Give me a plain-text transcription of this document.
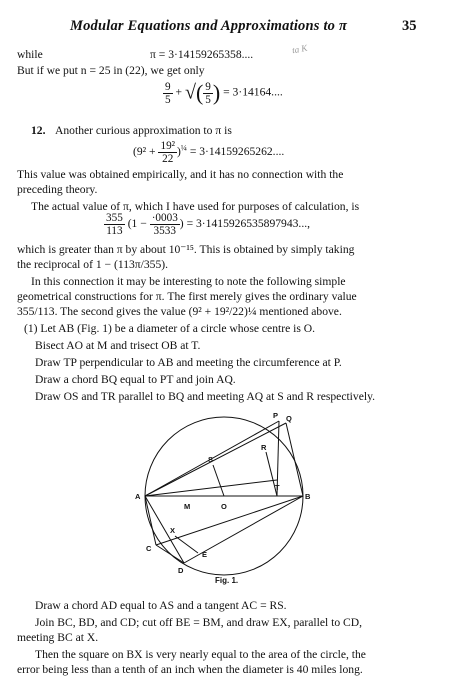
Modular Equations and Approximations to π	35
ta K
while	π = 3·14159265358....
But if we put n = 25 in (22), we get only
$\frac{9}{5}$ + √( $\frac{9}{5}$ ) = 3·14164....
12. Another curious approximation to π is
$(9^2 + \frac{\text{19²}}{22} )^{\frac{1}{4}} = 3\cdot 14159265262$....
This value was obtained empirically, and it has no connection with the
preceding theory.
The actual value of π, which I have used for purposes of calculation, is
$\frac{355}{113} (1 - \frac{\cdot 0003}{3533}$ ) = 3·1415926535897943...,
which is greater than π by about 10⁻¹⁵. This is obtained by simply taking
the reciprocal of 1 − (113π/355).
In this connection it may be interesting to note the following simple
geometrical constructions for π. The first merely gives the ordinary value
355/113. The second gives the value (9² + 19²/22)¼ mentioned above.
(1) Let AB (Fig. 1) be a diameter of a circle whose centre is O.
Bisect AO at M and trisect OB at T.
Draw TP perpendicular to AB and meeting the circumference at P.
Draw a chord BQ equal to PT and join AQ.
Draw OS and TR parallel to BQ and meeting AQ at S and R respectively.
P Q
S
R
A
M	O
T
B
X
C
E
D
Fig. 1.
Draw a chord AD equal to AS and a tangent AC = RS.
Join BC, BD, and CD; cut off BE = BM, and draw EX, parallel to CD,
meeting BC at X.
Then the square on BX is very nearly equal to the area of the circle, the
error being less than a tenth of an inch when the diameter is 40 miles long.
